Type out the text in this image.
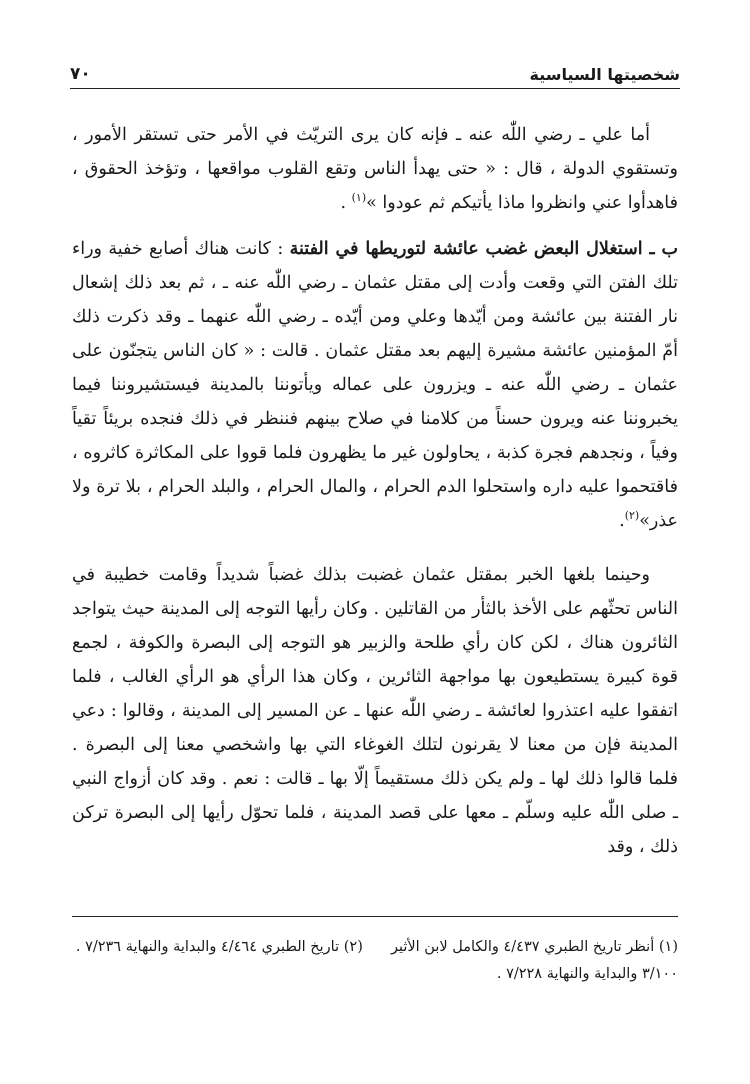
شخصيتها السياسية
٧٠

أما علي ـ رضي اللّٰه عنه ـ فإنه كان يرى التريّث في الأمر حتى تستقر الأمور ، وتستقوي الدولة ، قال : « حتى يهدأ الناس وتقع القلوب مواقعها ، وتؤخذ الحقوق ، فاهدأوا عني وانظروا ماذا يأتيكم ثم عودوا »$^{(١)}$ .

ب ـ استغلال البعض غضب عائشة لتوريطها في الفتنة : كانت هناك أصابع خفية وراء تلك الفتن التي وقعت وأدت إلى مقتل عثمان ـ رضي اللّٰه عنه ـ ، ثم بعد ذلك إشعال نار الفتنة بين عائشة ومن أيّدها وعلي ومن أيّده ـ رضي اللّٰه عنهما ـ وقد ذكرت ذلك أمّ المؤمنين عائشة مشيرة إليهم بعد مقتل عثمان . قالت : « كان الناس يتجنّون على عثمان ـ رضي اللّٰه عنه ـ ويزرون على عماله ويأتوننا بالمدينة فيستشيروننا فيما يخبروننا عنه ويرون حسناً من كلامنا في صلاح بينهم فننظر في ذلك فنجده بريئاً تقياً وفياً ، ونجدهم فجرة كذبة ، يحاولون غير ما يظهرون فلما قووا على المكاثرة كاثروه ، فاقتحموا عليه داره واستحلوا الدم الحرام ، والمال الحرام ، والبلد الحرام ، بلا ترة ولا عذر»$^{(٢)}$.

وحينما بلغها الخبر بمقتل عثمان غضبت بذلك غضباً شديداً وقامت خطيبة في الناس تحثّهم على الأخذ بالثأر من القاتلين . وكان رأيها التوجه إلى المدينة حيث يتواجد الثائرون هناك ، لكن كان رأي طلحة والزبير هو التوجه إلى البصرة والكوفة ، لجمع قوة كبيرة يستطيعون بها مواجهة الثائرين ، وكان هذا الرأي هو الرأي الغالب ، فلما اتفقوا عليه اعتذروا لعائشة ـ رضي اللّٰه عنها ـ عن المسير إلى المدينة ، وقالوا : دعي المدينة فإن من معنا لا يقرنون لتلك الغوغاء التي بها واشخصي معنا إلى البصرة . فلما قالوا ذلك لها ـ ولم يكن ذلك مستقيماً إلّا بها ـ قالت : نعم . وقد كان أزواج النبي ـ صلى اللّٰه عليه وسلّم ـ معها على قصد المدينة ، فلما تحوّل رأيها إلى البصرة تركن ذلك ، وقد

(١) أنظر تاريخ الطبري ٤/٤٣٧ والكامل لابن الأثير ٣/١٠٠ والبداية والنهاية ٧/٢٢٨ .
(٢) تاريخ الطبري ٤/٤٦٤ والبداية والنهاية ٧/٢٣٦ .
